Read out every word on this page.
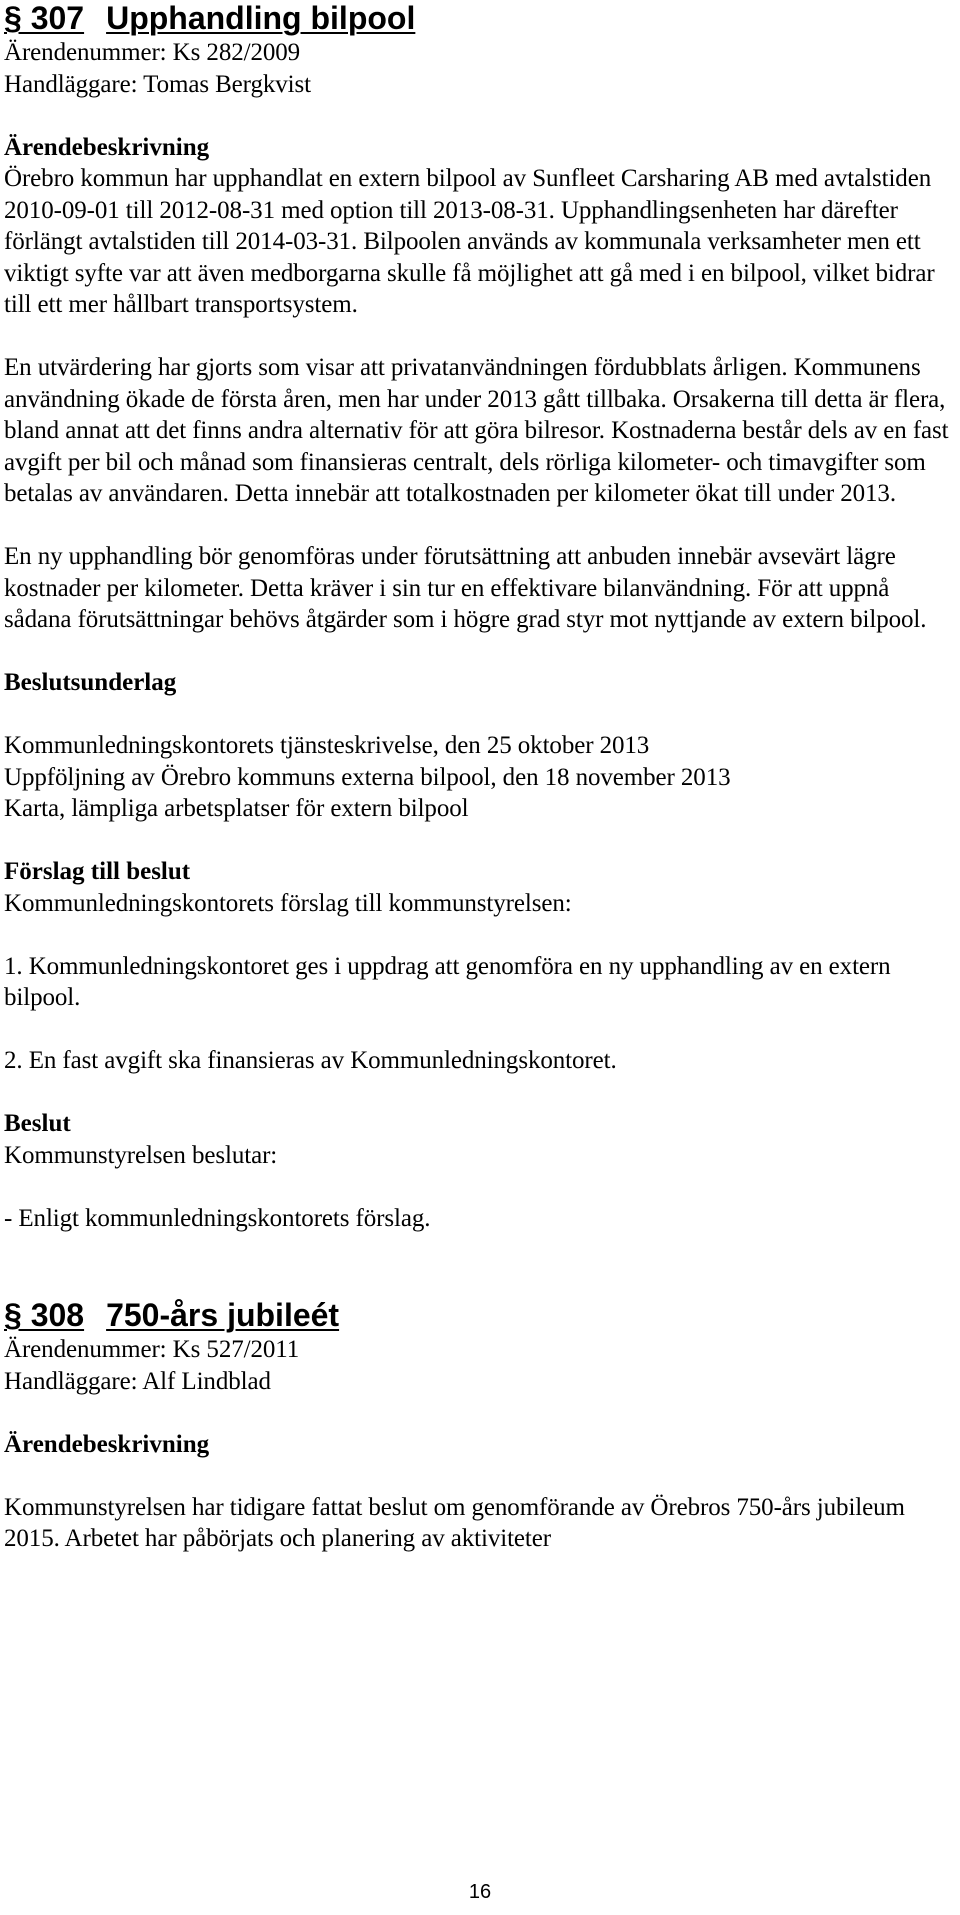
§ 307 Upphandling bilpool

Ärendenummer: Ks 282/2009

Handläggare: Tomas Bergkvist

Ärendebeskrivning

Örebro kommun har upphandlat en extern bilpool av Sunfleet Carsharing AB med avtalstiden 2010-09-01 till 2012-08-31 med option till 2013-08-31. Upphandlingsenheten har därefter förlängt avtalstiden till 2014-03-31. Bilpoolen används av kommunala verksamheter men ett viktigt syfte var att även medborgarna skulle få möjlighet att gå med i en bilpool, vilket bidrar till ett mer hållbart transportsystem.

En utvärdering har gjorts som visar att privatanvändningen fördubblats årligen. Kommunens användning ökade de första åren, men har under 2013 gått tillbaka. Orsakerna till detta är flera, bland annat att det finns andra alternativ för att göra bilresor. Kostnaderna består dels av en fast avgift per bil och månad som finansieras centralt, dels rörliga kilometer- och timavgifter som betalas av användaren. Detta innebär att totalkostnaden per kilometer ökat till under 2013.

En ny upphandling bör genomföras under förutsättning att anbuden innebär avsevärt lägre kostnader per kilometer. Detta kräver i sin tur en effektivare bilanvändning. För att uppnå sådana förutsättningar behövs åtgärder som i högre grad styr mot nyttjande av extern bilpool.

Beslutsunderlag

Kommunledningskontorets tjänsteskrivelse, den 25 oktober 2013

Uppföljning av Örebro kommuns externa bilpool, den 18 november 2013

Karta, lämpliga arbetsplatser för extern bilpool

Förslag till beslut

Kommunledningskontorets förslag till kommunstyrelsen:

1. Kommunledningskontoret ges i uppdrag att genomföra en ny upphandling av en extern bilpool.

2. En fast avgift ska finansieras av Kommunledningskontoret.

Beslut

Kommunstyrelsen beslutar:

- Enligt kommunledningskontorets förslag.

§ 308 750-års jubileét

Ärendenummer: Ks 527/2011

Handläggare: Alf Lindblad

Ärendebeskrivning

Kommunstyrelsen har tidigare fattat beslut om genomförande av Örebros 750-års jubileum 2015. Arbetet har påbörjats och planering av aktiviteter

16
